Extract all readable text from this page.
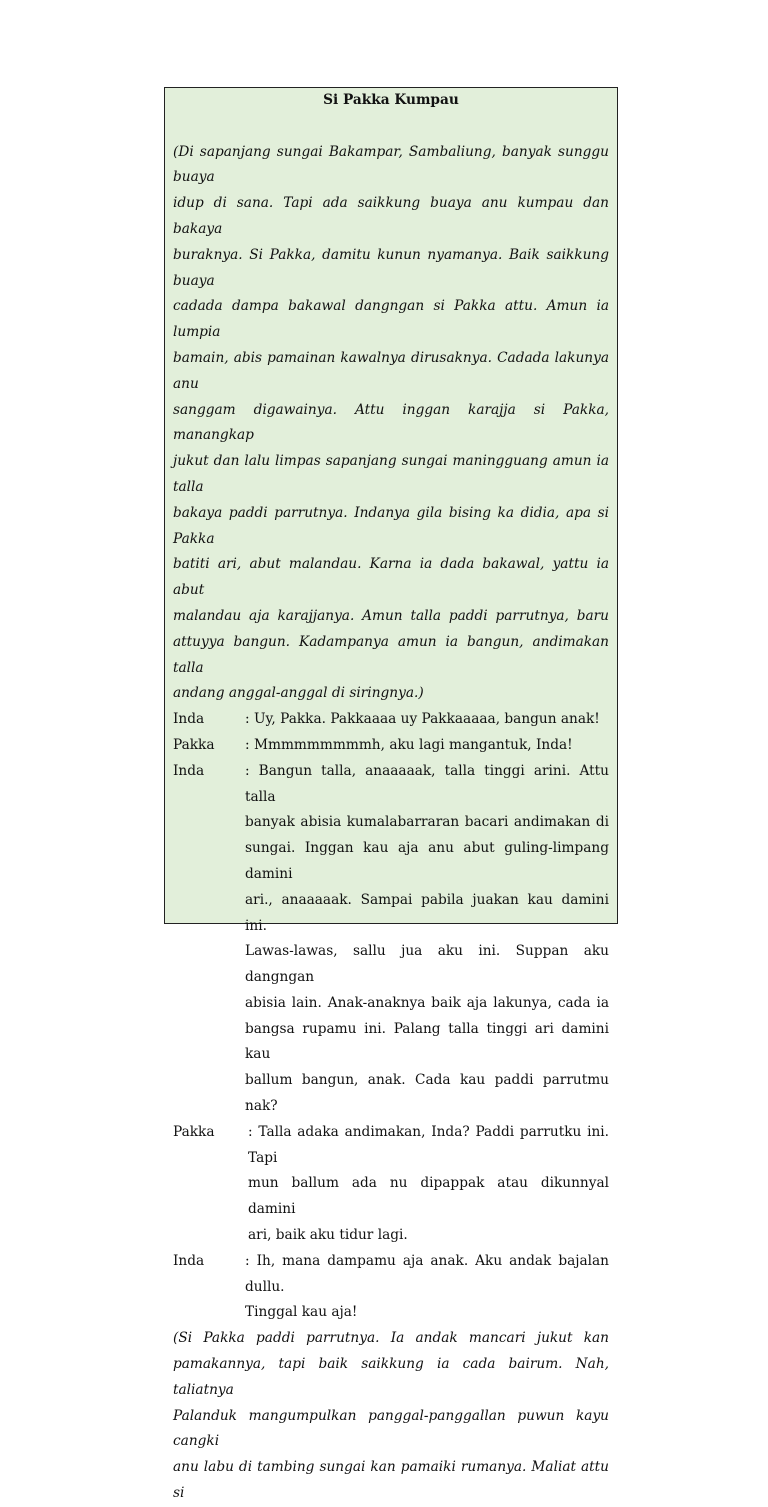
Si Pakka Kumpau

(Di sapanjang sungai Bakampar, Sambaliung, banyak sunggu buaya
idup di sana. Tapi ada saikkung buaya anu kumpau dan bakaya
buraknya. Si Pakka, damitu kunun nyamanya. Baik saikkung buaya
cadada dampa bakawal dangngan si Pakka attu. Amun ia lumpia
bamain, abis pamainan kawalnya dirusaknya. Cadada lakunya anu
sanggam digawainya. Attu inggan karajja si Pakka, manangkap
jukut dan lalu limpas sapanjang sungai maningguang amun ia talla
bakaya paddi parrutnya. Indanya gila bising ka didia, apa si Pakka
batiti ari, abut malandau. Karna ia dada bakawal, yattu ia abut
malandau aja karajjanya. Amun talla paddi parrutnya, baru
attuyya bangun. Kadampanya amun ia bangun, andimakan talla
andang anggal-anggal di siringnya.)
Inda	: Uy, Pakka. Pakkaaaa uy Pakkaaaaa, bangun anak!
Pakka	: Mmmmmmmmmh, aku lagi mangantuk, Inda!
Inda	: Bangun talla, anaaaaak, talla tinggi arini. Attu talla
banyak abisia kumalabarraran bacari andimakan di
sungai. Inggan kau aja anu abut guling-limpang damini
ari., anaaaaak. Sampai pabila juakan kau damini ini.
Lawas-lawas, sallu jua aku ini. Suppan aku dangngan
abisia lain. Anak-anaknya baik aja lakunya, cada ia
bangsa rupamu ini. Palang talla tinggi ari damini kau
ballum bangun, anak. Cada kau paddi parrutmu nak?
Pakka	: Talla adaka andimakan, Inda? Paddi parrutku ini. Tapi
mun ballum ada nu dipappak atau dikunnyal damini
ari, baik aku tidur lagi.
Inda	: Ih, mana dampamu aja anak. Aku andak bajalan dullu.
Tinggal kau aja!
(Si Pakka paddi parrutnya. Ia andak mancari jukut kan
pamakannya, tapi baik saikkung ia cada bairum. Nah, taliatnya
Palanduk mangumpulkan panggal-panggallan puwun kayu cangki
anu labu di tambing sungai kan pamaiki rumanya. Maliat attu si
